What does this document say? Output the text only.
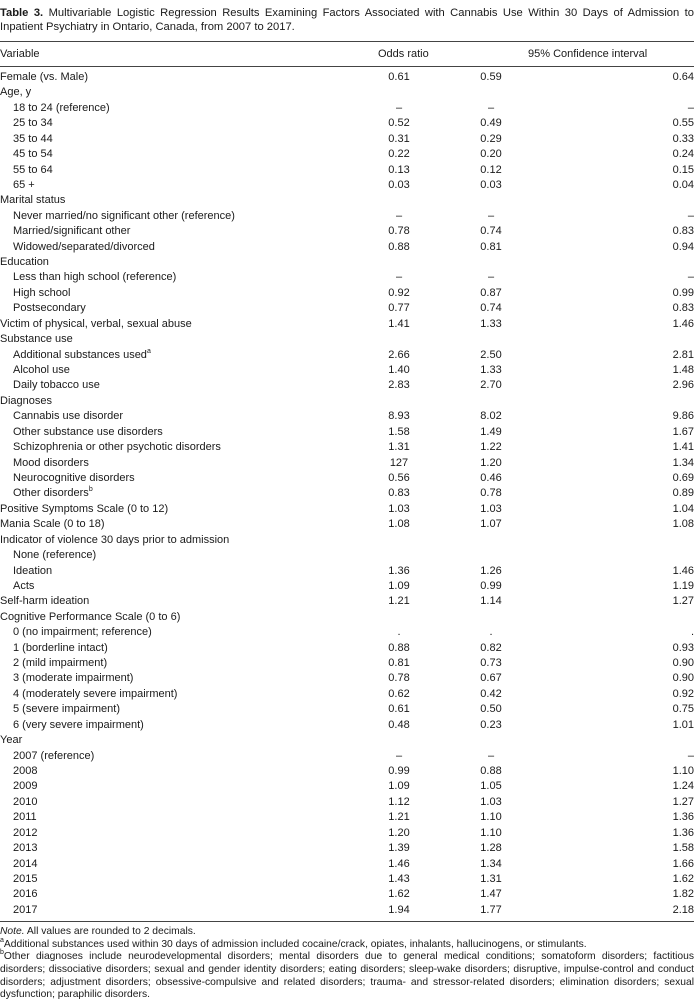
Table 3. Multivariable Logistic Regression Results Examining Factors Associated with Cannabis Use Within 30 Days of Admission to Inpatient Psychiatry in Ontario, Canada, from 2007 to 2017.

Variable	Odds ratio	95% Confidence interval
Female (vs. Male)	0.61	0.59	0.64
Age, y			
18 to 24 (reference)	–	–	–
25 to 34	0.52	0.49	0.55
35 to 44	0.31	0.29	0.33
45 to 54	0.22	0.20	0.24
55 to 64	0.13	0.12	0.15
65 +	0.03	0.03	0.04
Marital status			
Never married/no significant other (reference)	–	–	–
Married/significant other	0.78	0.74	0.83
Widowed/separated/divorced	0.88	0.81	0.94
Education			
Less than high school (reference)	–	–	–
High school	0.92	0.87	0.99
Postsecondary	0.77	0.74	0.83
Victim of physical, verbal, sexual abuse	1.41	1.33	1.46
Substance use			
Additional substances used$^a$	2.66	2.50	2.81
Alcohol use	1.40	1.33	1.48
Daily tobacco use	2.83	2.70	2.96
Diagnoses			
Cannabis use disorder	8.93	8.02	9.86
Other substance use disorders	1.58	1.49	1.67
Schizophrenia or other psychotic disorders	1.31	1.22	1.41
Mood disorders	127	1.20	1.34
Neurocognitive disorders	0.56	0.46	0.69
Other disorders$^b$	0.83	0.78	0.89
Positive Symptoms Scale (0 to 12)	1.03	1.03	1.04
Mania Scale (0 to 18)	1.08	1.07	1.08
Indicator of violence 30 days prior to admission			
None (reference)			
Ideation	1.36	1.26	1.46
Acts	1.09	0.99	1.19
Self-harm ideation	1.21	1.14	1.27
Cognitive Performance Scale (0 to 6)			
0 (no impairment; reference)	.	.	.
1 (borderline intact)	0.88	0.82	0.93
2 (mild impairment)	0.81	0.73	0.90
3 (moderate impairment)	0.78	0.67	0.90
4 (moderately severe impairment)	0.62	0.42	0.92
5 (severe impairment)	0.61	0.50	0.75
6 (very severe impairment)	0.48	0.23	1.01
Year			
2007 (reference)	–	–	–
2008	0.99	0.88	1.10
2009	1.09	1.05	1.24
2010	1.12	1.03	1.27
2011	1.21	1.10	1.36
2012	1.20	1.10	1.36
2013	1.39	1.28	1.58
2014	1.46	1.34	1.66
2015	1.43	1.31	1.62
2016	1.62	1.47	1.82
2017	1.94	1.77	2.18

Note. All values are rounded to 2 decimals.

$^a$Additional substances used within 30 days of admission included cocaine/crack, opiates, inhalants, hallucinogens, or stimulants.

$^b$Other diagnoses include neurodevelopmental disorders; mental disorders due to general medical conditions; somatoform disorders; factitious disorders; dissociative disorders; sexual and gender identity disorders; eating disorders; sleep-wake disorders; disruptive, impulse-control and conduct disorders; adjustment disorders; obsessive-compulsive and related disorders; trauma- and stressor-related disorders; elimination disorders; sexual dysfunction; paraphilic disorders.
